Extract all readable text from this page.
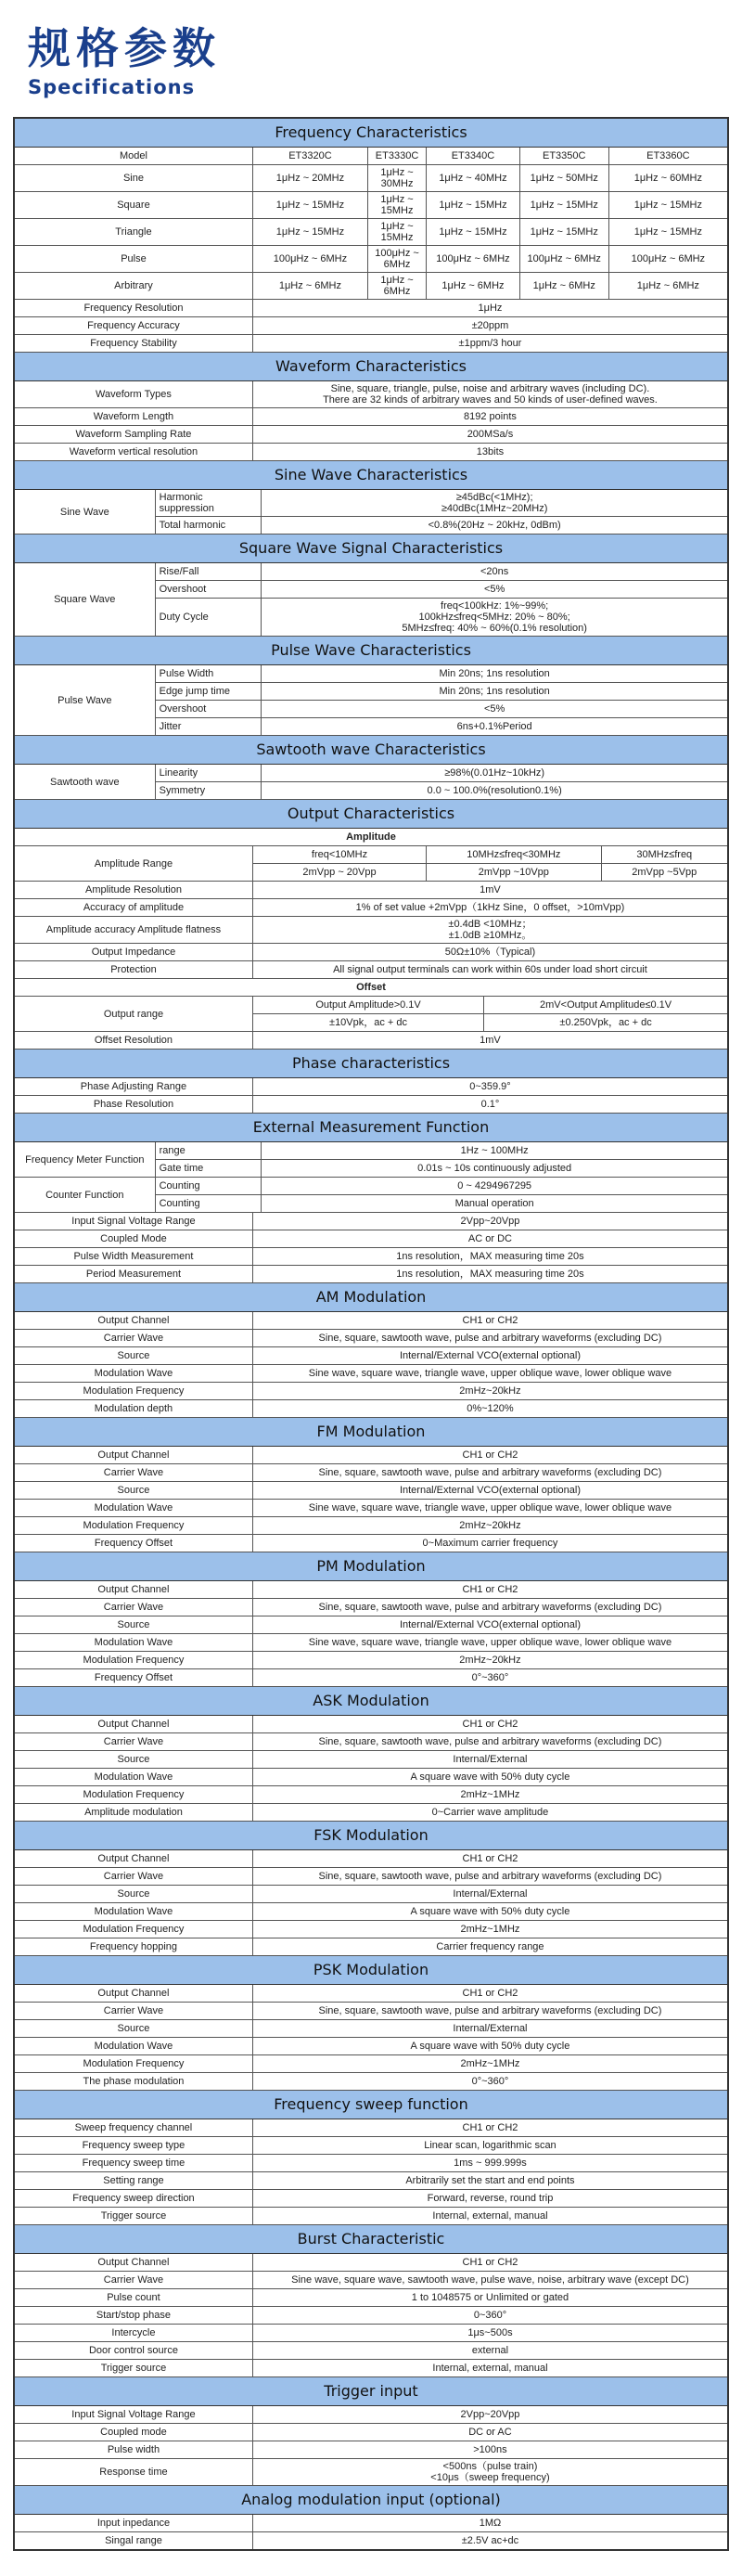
规格参数
Specifications
Frequency Characteristics									
Model		ET3320C		ET3330C	ET3340C		ET3350C		ET3360C
Sine		1μHz ~ 20MHz		1μHz ~ 30MHz	1μHz ~ 40MHz		1μHz ~ 50MHz		1μHz ~ 60MHz
Square		1μHz ~ 15MHz		1μHz ~ 15MHz	1μHz ~ 15MHz		1μHz ~ 15MHz		1μHz ~ 15MHz
Triangle		1μHz ~ 15MHz		1μHz ~ 15MHz	1μHz ~ 15MHz		1μHz ~ 15MHz		1μHz ~ 15MHz
Pulse		100μHz ~ 6MHz		100μHz ~ 6MHz	100μHz ~ 6MHz		100μHz ~ 6MHz		100μHz ~ 6MHz
Arbitrary		1μHz ~ 6MHz		1μHz ~ 6MHz	1μHz ~ 6MHz		1μHz ~ 6MHz		1μHz ~ 6MHz
Frequency Resolution		1μHz							
Frequency Accuracy		±20ppm							
Frequency Stability		±1ppm/3 hour							
Waveform Characteristics									
Waveform Types		Sine, square, triangle, pulse, noise and arbitrary waves (including DC).
There are 32 kinds of arbitrary waves and 50 kinds of user-defined waves.							
Waveform Length		8192 points							
Waveform Sampling Rate		200MSa/s							
Waveform vertical resolution		13bits							
Sine Wave Characteristics									
Sine Wave	Harmonic suppression		≥45dBc(<1MHz);
≥40dBc(1MHz~20MHz)						
	Total harmonic		<0.8%(20Hz ~ 20kHz, 0dBm)						
Square Wave Signal Characteristics									
Square Wave	Rise/Fall		<20ns						
	Overshoot		<5%						
	Duty Cycle		freq<100kHz: 1%~99%;
100kHz≤freq<5MHz: 20% ~ 80%;
5MHz≤freq: 40% ~ 60%(0.1% resolution)						
Pulse Wave Characteristics									
Pulse Wave	Pulse Width		Min 20ns; 1ns resolution						
	Edge jump time		Min 20ns; 1ns resolution						
	Overshoot		<5%						
	Jitter		6ns+0.1%Period						
Sawtooth wave Characteristics									
Sawtooth wave	Linearity		≥98%(0.01Hz~10kHz)						
	Symmetry		0.0 ~ 100.0%(resolution0.1%)						
Output Characteristics									
Amplitude									
Amplitude Range		freq<10MHz			10MHz≤freq<30MHz			30MHz≤freq	
		2mVpp ~ 20Vpp			2mVpp ~10Vpp			2mVpp ~5Vpp	
Amplitude Resolution		1mV							
Accuracy of amplitude		1% of set value +2mVpp（1kHz Sine，0 offset，>10mVpp)							
Amplitude accuracy Amplitude flatness		±0.4dB <10MHz；
±1.0dB ≥10MHz。							
Output Impedance		50Ω±10%（Typical)							
Protection		All signal output terminals can work within 60s under load short circuit							
Offset									
Output range		Output Amplitude>0.1V				2mV<Output Amplitude≤0.1V			
		±10Vpk，ac + dc				±0.250Vpk，ac + dc			
Offset Resolution		1mV							
Phase characteristics									
Phase Adjusting Range		0~359.9°							
Phase Resolution		0.1°							
External Measurement Function									
Frequency Meter Function	range		1Hz ~ 100MHz						
	Gate time		0.01s ~ 10s continuously adjusted						
Counter Function	Counting		0 ~ 4294967295						
	Counting		Manual operation						
Input Signal Voltage Range		2Vpp~20Vpp							
Coupled Mode		AC or DC							
Pulse Width Measurement		1ns resolution，MAX measuring time 20s							
Period Measurement		1ns resolution，MAX measuring time 20s							
AM Modulation									
Output Channel		CH1 or CH2							
Carrier Wave		Sine, square, sawtooth wave, pulse and arbitrary waveforms (excluding DC)							
Source		Internal/External VCO(external optional)							
Modulation Wave		Sine wave, square wave, triangle wave, upper oblique wave, lower oblique wave							
Modulation Frequency		2mHz~20kHz							
Modulation depth		0%~120%							
FM Modulation									
Output Channel		CH1 or CH2							
Carrier Wave		Sine, square, sawtooth wave, pulse and arbitrary waveforms (excluding DC)							
Source		Internal/External VCO(external optional)							
Modulation Wave		Sine wave, square wave, triangle wave, upper oblique wave, lower oblique wave							
Modulation Frequency		2mHz~20kHz							
Frequency Offset		0~Maximum carrier frequency							
PM Modulation									
Output Channel		CH1 or CH2							
Carrier Wave		Sine, square, sawtooth wave, pulse and arbitrary waveforms (excluding DC)							
Source		Internal/External VCO(external optional)							
Modulation Wave		Sine wave, square wave, triangle wave, upper oblique wave, lower oblique wave							
Modulation Frequency		2mHz~20kHz							
Frequency Offset		0°~360°							
ASK Modulation									
Output Channel		CH1 or CH2							
Carrier Wave		Sine, square, sawtooth wave, pulse and arbitrary waveforms (excluding DC)							
Source		Internal/External							
Modulation Wave		A square wave with 50% duty cycle							
Modulation Frequency		2mHz~1MHz							
Amplitude modulation		0~Carrier wave amplitude							
FSK Modulation									
Output Channel		CH1 or CH2							
Carrier Wave		Sine, square, sawtooth wave, pulse and arbitrary waveforms (excluding DC)							
Source		Internal/External							
Modulation Wave		A square wave with 50% duty cycle							
Modulation Frequency		2mHz~1MHz							
Frequency hopping		Carrier frequency range							
PSK Modulation									
Output Channel		CH1 or CH2							
Carrier Wave		Sine, square, sawtooth wave, pulse and arbitrary waveforms (excluding DC)							
Source		Internal/External							
Modulation Wave		A square wave with 50% duty cycle							
Modulation Frequency		2mHz~1MHz							
The phase modulation		0°~360°							
Frequency sweep function									
Sweep frequency channel		CH1 or CH2							
Frequency sweep type		Linear scan, logarithmic scan							
Frequency sweep time		1ms ~ 999.999s							
Setting range		Arbitrarily set the start and end points							
Frequency sweep direction		Forward, reverse, round trip							
Trigger source		Internal, external, manual							
Burst Characteristic									
Output Channel		CH1 or CH2							
Carrier Wave		Sine wave, square wave, sawtooth wave, pulse wave, noise, arbitrary wave (except DC)							
Pulse count		1 to 1048575 or Unlimited or gated							
Start/stop phase		0~360°							
Intercycle		1μs~500s							
Door control source		external							
Trigger source		Internal, external, manual							
Trigger input									
Input Signal Voltage Range		2Vpp~20Vpp							
Coupled mode		DC or AC							
Pulse width		>100ns							
Response time		<500ns（pulse train)
<10μs（sweep frequency)							
Analog modulation input (optional)									
Input inpedance		1MΩ							
Singal range		±2.5V ac+dc							
